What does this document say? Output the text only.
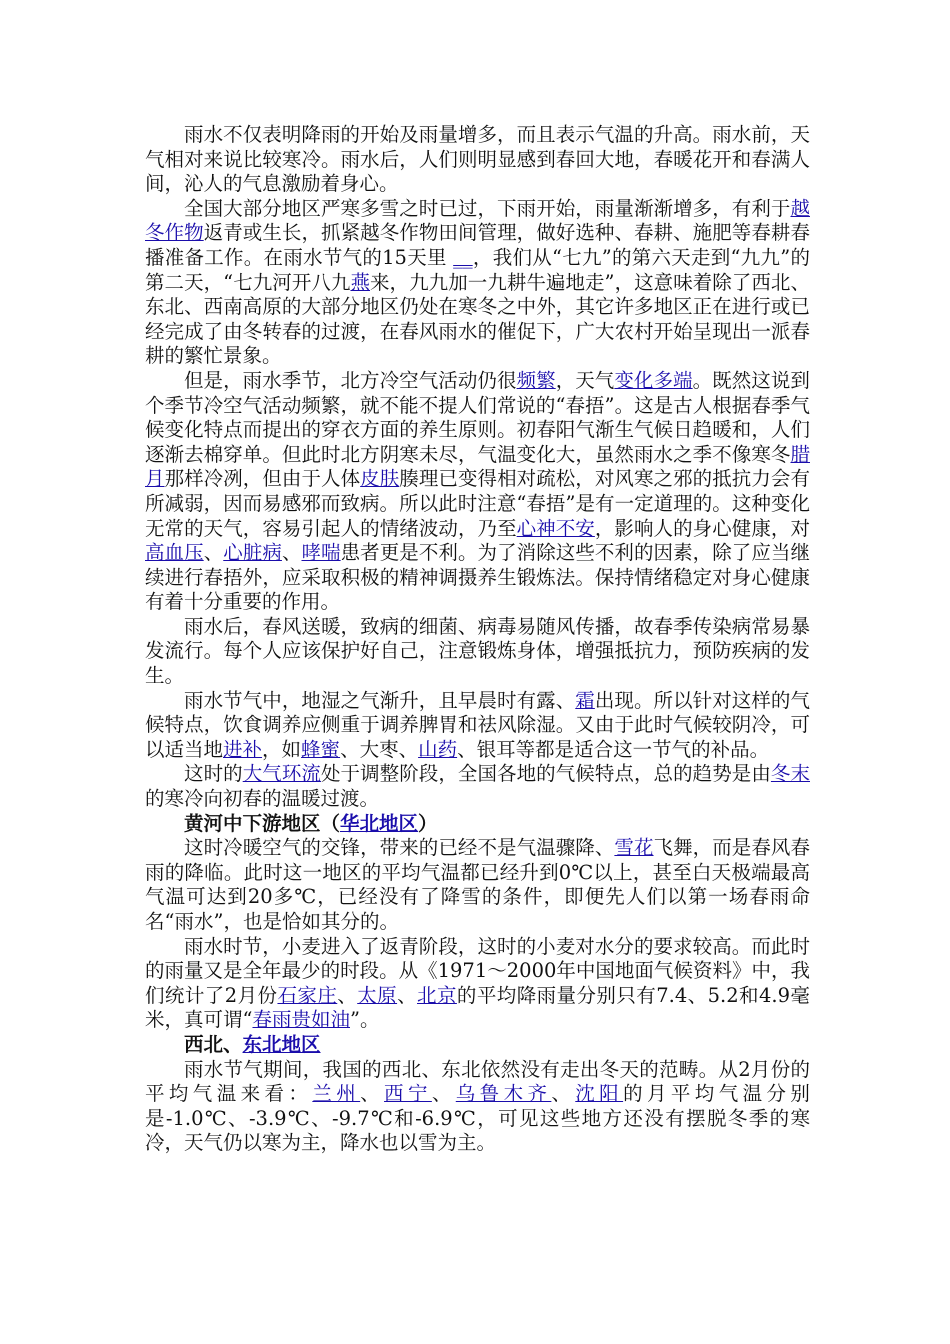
雨水不仅表明降雨的开始及雨量增多，而且表示气温的升高。雨水前，天气相对来说比较寒冷。雨水后，人们则明显感到春回大地，春暖花开和春满人间，沁人的气息激励着身心。

全国大部分地区严寒多雪之时已过，下雨开始，雨量渐渐增多，有利于越冬作物返青或生长，抓紧越冬作物田间管理，做好选种、春耕、施肥等春耕春播准备工作。在雨水节气的15天里 __，我们从“七九”的第六天走到“九九”的第二天，“七九河开八九燕来，九九加一九耕牛遍地走”，这意味着除了西北、东北、西南高原的大部分地区仍处在寒冬之中外，其它许多地区正在进行或已经完成了由冬转春的过渡，在春风雨水的催促下，广大农村开始呈现出一派春耕的繁忙景象。

但是，雨水季节，北方冷空气活动仍很频繁，天气变化多端。既然这说到个季节冷空气活动频繁，就不能不提人们常说的“春捂”。这是古人根据春季气候变化特点而提出的穿衣方面的养生原则。初春阳气渐生气候日趋暖和，人们逐渐去棉穿单。但此时北方阴寒未尽，气温变化大，虽然雨水之季不像寒冬腊月那样冷冽，但由于人体皮肤腠理已变得相对疏松，对风寒之邪的抵抗力会有所减弱，因而易感邪而致病。所以此时注意“春捂”是有一定道理的。这种变化无常的天气，容易引起人的情绪波动，乃至心神不安，影响人的身心健康，对高血压、心脏病、哮喘患者更是不利。为了消除这些不利的因素，除了应当继续进行春捂外，应采取积极的精神调摄养生锻炼法。保持情绪稳定对身心健康有着十分重要的作用。

雨水后，春风送暖，致病的细菌、病毒易随风传播，故春季传染病常易暴发流行。每个人应该保护好自己，注意锻炼身体，增强抵抗力，预防疾病的发生。

雨水节气中，地湿之气渐升，且早晨时有露、霜出现。所以针对这样的气候特点，饮食调养应侧重于调养脾胃和祛风除湿。又由于此时气候较阴冷，可以适当地进补，如蜂蜜、大枣、山药、银耳等都是适合这一节气的补品。

这时的大气环流处于调整阶段，全国各地的气候特点，总的趋势是由冬末的寒冷向初春的温暖过渡。

黄河中下游地区（华北地区）

这时冷暖空气的交锋，带来的已经不是气温骤降、雪花飞舞，而是春风春雨的降临。此时这一地区的平均气温都已经升到0℃以上，甚至白天极端最高气温可达到20多℃，已经没有了降雪的条件，即便先人们以第一场春雨命名“雨水”，也是恰如其分的。

雨水时节，小麦进入了返青阶段，这时的小麦对水分的要求较高。而此时的雨量又是全年最少的时段。从《1971～2000年中国地面气候资料》中，我们统计了2月份石家庄、太原、北京的平均降雨量分别只有7.4、5.2和4.9毫米，真可谓“春雨贵如油”。

西北、东北地区

雨水节气期间，我国的西北、东北依然没有走出冬天的范畴。从2月份的平均气温来看：兰州、西宁、乌鲁木齐、沈阳的月平均气温分别是-1.0℃、-3.9℃、-9.7℃和-6.9℃，可见这些地方还没有摆脱冬季的寒冷，天气仍以寒为主，降水也以雪为主。
